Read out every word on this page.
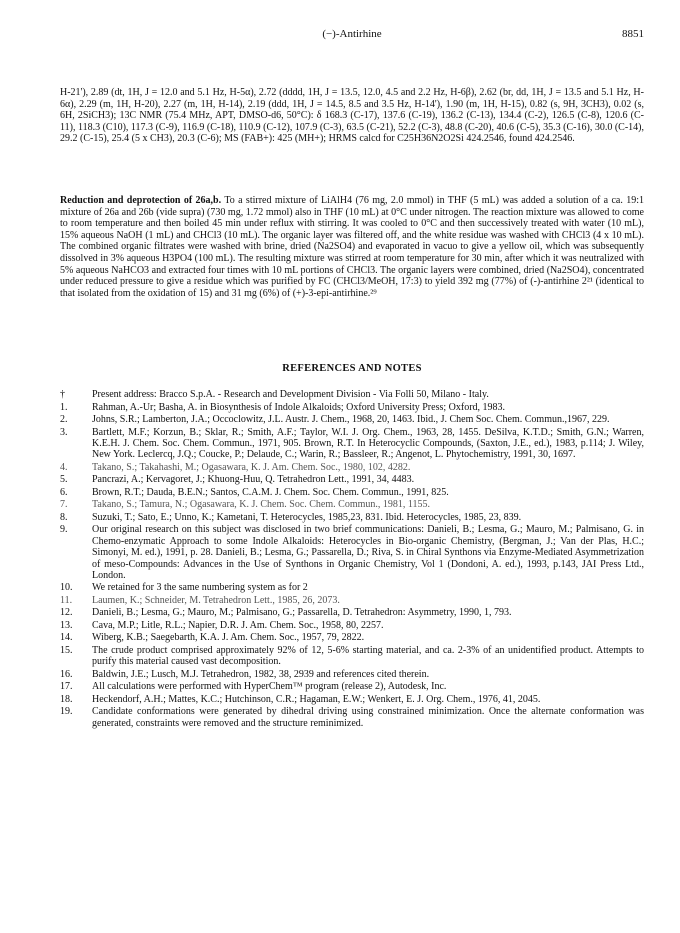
(−)-Antirhine	8851
H-21'), 2.89 (dt, 1H, J = 12.0 and 5.1 Hz, H-5α), 2.72 (dddd, 1H, J = 13.5, 12.0, 4.5 and 2.2 Hz, H-6β), 2.62 (br, dd, 1H, J = 13.5 and 5.1 Hz, H-6α), 2.29 (m, 1H, H-20), 2.27 (m, 1H, H-14), 2.19 (ddd, 1H, J = 14.5, 8.5 and 3.5 Hz, H-14'), 1.90 (m, 1H, H-15), 0.82 (s, 9H, 3CH3), 0.02 (s, 6H, 2SiCH3); 13C NMR (75.4 MHz, APT, DMSO-d6, 50°C): δ 168.3 (C-17), 137.6 (C-19), 136.2 (C-13), 134.4 (C-2), 126.5 (C-8), 120.6 (C-11), 118.3 (C10), 117.3 (C-9), 116.9 (C-18), 110.9 (C-12), 107.9 (C-3), 63.5 (C-21), 52.2 (C-3), 48.8 (C-20), 40.6 (C-5), 35.3 (C-16), 30.0 (C-14), 29.2 (C-15), 25.4 (5 x CH3), 20.3 (C-6); MS (FAB+): 425 (MH+); HRMS calcd for C25H36N2O2Si 424.2546, found 424.2546.
Reduction and deprotection of 26a,b. To a stirred mixture of LiAlH4 (76 mg, 2.0 mmol) in THF (5 mL) was added a solution of a ca. 19:1 mixture of 26a and 26b (vide supra) (730 mg, 1.72 mmol) also in THF (10 mL) at 0°C under nitrogen. The reaction mixture was allowed to come to room temperature and then boiled 45 min under reflux with stirring. It was cooled to 0°C and then successively treated with water (10 mL), 15% aqueous NaOH (1 mL) and CHCl3 (10 mL). The organic layer was filtered off, and the white residue was washed with CHCl3 (4 x 10 mL). The combined organic filtrates were washed with brine, dried (Na2SO4) and evaporated in vacuo to give a yellow oil, which was subsequently dissolved in 3% aqueous H3PO4 (100 mL). The resulting mixture was stirred at room temperature for 30 min, after which it was neutralized with 5% aqueous NaHCO3 and extracted four times with 10 mL portions of CHCl3. The organic layers were combined, dried (Na2SO4), concentrated under reduced pressure to give a residue which was purified by FC (CHCl3/MeOH, 17:3) to yield 392 mg (77%) of (-)-antirhine 2²¹ (identical to that isolated from the oxidation of 15) and 31 mg (6%) of (+)-3-epi-antirhine.²⁹
REFERENCES AND NOTES
†	Present address: Bracco S.p.A. - Research and Development Division - Via Folli 50, Milano - Italy.
1.	Rahman, A.-Ur; Basha, A. in Biosynthesis of Indole Alkaloids; Oxford University Press; Oxford, 1983.
2.	Johns, S.R.; Lamberton, J.A.; Occoclowitz, J.L. Austr. J. Chem., 1968, 20, 1463. Ibid., J. Chem Soc. Chem. Commun.,1967, 229.
3.	Bartlett, M.F.; Korzun, B.; Sklar, R.; Smith, A.F.; Taylor, W.I. J. Org. Chem., 1963, 28, 1455. DeSilva, K.T.D.; Smith, G.N.; Warren, K.E.H. J. Chem. Soc. Chem. Commun., 1971, 905. Brown, R.T. In Heterocyclic Compounds, (Saxton, J.E., ed.), 1983, p.114; J. Wiley, New York. Leclercq, J.Q.; Coucke, P.; Delaude, C.; Warin, R.; Bassleer, R.; Angenot, L. Phytochemistry, 1991, 30, 1697.
4.	Takano, S.; Takahashi, M.; Ogasawara, K. J. Am. Chem. Soc., 1980, 102, 4282.
5.	Pancrazi, A.; Kervagoret, J.; Khuong-Huu, Q. Tetrahedron Lett., 1991, 34, 4483.
6.	Brown, R.T.; Dauda, B.E.N.; Santos, C.A.M. J. Chem. Soc. Chem. Commun., 1991, 825.
7.	Takano, S.; Tamura, N.; Ogasawara, K. J. Chem. Soc. Chem. Commun., 1981, 1155.
8.	Suzuki, T.; Sato, E.; Unno, K.; Kametani, T. Heterocycles, 1985,23, 831. Ibid. Heterocycles, 1985, 23, 839.
9.	Our original research on this subject was disclosed in two brief communications: Danieli, B.; Lesma, G.; Mauro, M.; Palmisano, G. in Chemo-enzymatic Approach to some Indole Alkaloids: Heterocycles in Bio-organic Chemistry, (Bergman, J.; Van der Plas, H.C.; Simonyi, M. ed.), 1991, p. 28. Danieli, B.; Lesma, G.; Passarella, D.; Riva, S. in Chiral Synthons via Enzyme-Mediated Asymmetrization of meso-Compounds: Advances in the Use of Synthons in Organic Chemistry, Vol 1 (Dondoni, A. ed.), 1993, p.143, JAI Press Ltd., London.
10.	We retained for 3 the same numbering system as for 2
11.	Laumen, K.; Schneider, M. Tetrahedron Lett., 1985, 26, 2073.
12.	Danieli, B.; Lesma, G.; Mauro, M.; Palmisano, G.; Passarella, D. Tetrahedron: Asymmetry, 1990, 1, 793.
13.	Cava, M.P.; Litle, R.L.; Napier, D.R. J. Am. Chem. Soc., 1958, 80, 2257.
14.	Wiberg, K.B.; Saegebarth, K.A. J. Am. Chem. Soc., 1957, 79, 2822.
15.	The crude product comprised approximately 92% of 12, 5-6% starting material, and ca. 2-3% of an unidentified product. Attempts to purify this material caused vast decomposition.
16.	Baldwin, J.E.; Lusch, M.J. Tetrahedron, 1982, 38, 2939 and references cited therein.
17.	All calculations were performed with HyperChem™ program (release 2), Autodesk, Inc.
18.	Heckendorf, A.H.; Mattes, K.C.; Hutchinson, C.R.; Hagaman, E.W.; Wenkert, E. J. Org. Chem., 1976, 41, 2045.
19.	Candidate conformations were generated by dihedral driving using constrained minimization. Once the alternate conformation was generated, constraints were removed and the structure reminimized.
